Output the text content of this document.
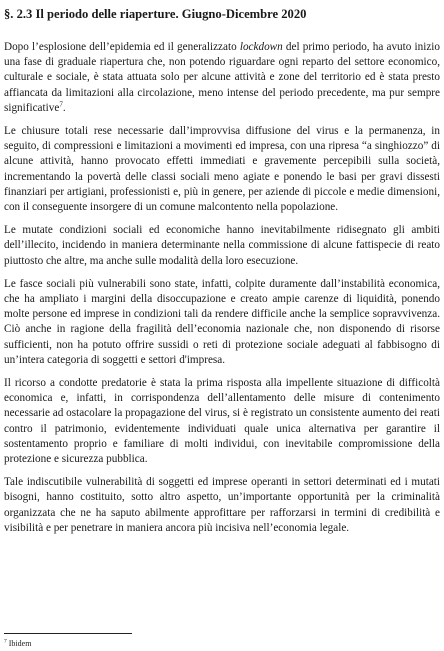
§. 2.3 Il periodo delle riaperture. Giugno-Dicembre 2020

Dopo l’esplosione dell’epidemia ed il generalizzato lockdown del primo periodo, ha avuto inizio una fase di graduale riapertura che, non potendo riguardare ogni reparto del settore economico, culturale e sociale, è stata attuata solo per alcune attività e zone del territorio ed è stata presto affiancata da limitazioni alla circolazione, meno intense del periodo precedente, ma pur sempre significative$^7$.

Le chiusure totali rese necessarie dall’improvvisa diffusione del virus e la permanenza, in seguito, di compressioni e limitazioni a movimenti ed impresa, con una ripresa “a singhiozzo” di alcune attività, hanno provocato effetti immediati e gravemente percepibili sulla società, incrementando la povertà delle classi sociali meno agiate e ponendo le basi per gravi dissesti finanziari per artigiani, professionisti e, più in genere, per aziende di piccole e medie dimensioni, con il conseguente insorgere di un comune malcontento nella popolazione.

Le mutate condizioni sociali ed economiche hanno inevitabilmente ridisegnato gli ambiti dell’illecito, incidendo in maniera determinante nella commissione di alcune fattispecie di reato piuttosto che altre, ma anche sulle modalità della loro esecuzione.

Le fasce sociali più vulnerabili sono state, infatti, colpite duramente dall’instabilità economica, che ha ampliato i margini della disoccupazione e creato ampie carenze di liquidità, ponendo molte persone ed imprese in condizioni tali da rendere difficile anche la semplice sopravvivenza. Ciò anche in ragione della fragilità dell’economia nazionale che, non disponendo di risorse sufficienti, non ha potuto offrire sussidi o reti di protezione sociale adeguati al fabbisogno di un’intera categoria di soggetti e settori d'impresa.

Il ricorso a condotte predatorie è stata la prima risposta alla impellente situazione di difficoltà economica e, infatti, in corrispondenza dell’allentamento delle misure di contenimento necessarie ad ostacolare la propagazione del virus, si è registrato un consistente aumento dei reati contro il patrimonio, evidentemente individuati quale unica alternativa per garantire il sostentamento proprio e familiare di molti individui, con inevitabile compromissione della protezione e sicurezza pubblica.

Tale indiscutibile vulnerabilità di soggetti ed imprese operanti in settori determinati ed i mutati bisogni, hanno costituito, sotto altro aspetto, un’importante opportunità per la criminalità organizzata che ne ha saputo abilmente approfittare per rafforzarsi in termini di credibilità e visibilità e per penetrare in maniera ancora più incisiva nell’economia legale.

$^7$ Ibidem
